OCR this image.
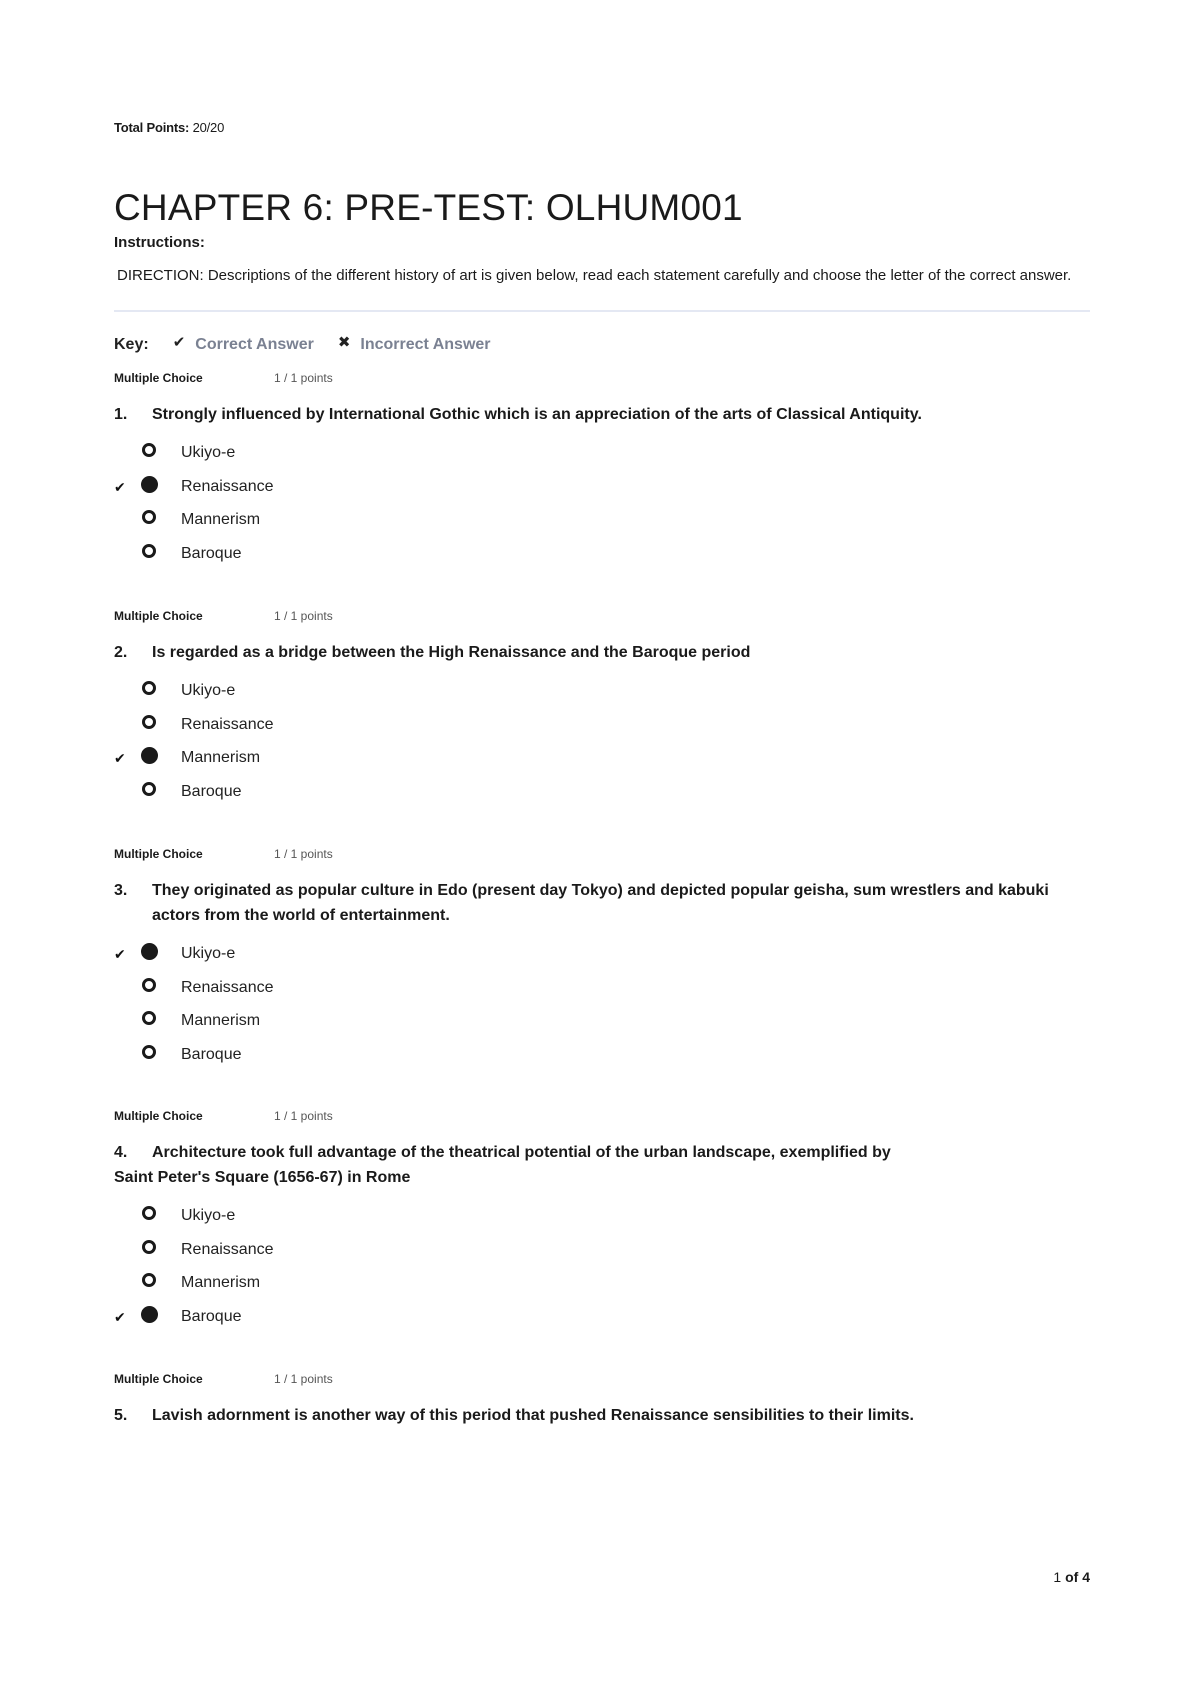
Total Points: 20/20
CHAPTER 6: PRE-TEST: OLHUM001
Instructions:
DIRECTION: Descriptions of the different history of art is given below, read each statement carefully and choose the letter of the correct answer.
Key: ✔ Correct Answer ✖ Incorrect Answer
Multiple Choice	1 / 1 points
1.	Strongly influenced by International Gothic which is an appreciation of the arts of Classical Antiquity.
Ukiyo-e
✔	Renaissance
Mannerism
Baroque
Multiple Choice	1 / 1 points
2.	Is regarded as a bridge between the High Renaissance and the Baroque period
Ukiyo-e
Renaissance
✔	Mannerism
Baroque
Multiple Choice	1 / 1 points
3.	They originated as popular culture in Edo (present day Tokyo) and depicted popular geisha, sum wrestlers and kabuki actors from the world of entertainment.
✔	Ukiyo-e
Renaissance
Mannerism
Baroque
Multiple Choice	1 / 1 points
4. Architecture took full advantage of the theatrical potential of the urban landscape, exemplified by
Saint Peter's Square (1656-67) in Rome
Ukiyo-e
Renaissance
Mannerism
✔	Baroque
Multiple Choice	1 / 1 points
5.	Lavish adornment is another way of this period that pushed Renaissance sensibilities to their limits.
1 of 4
